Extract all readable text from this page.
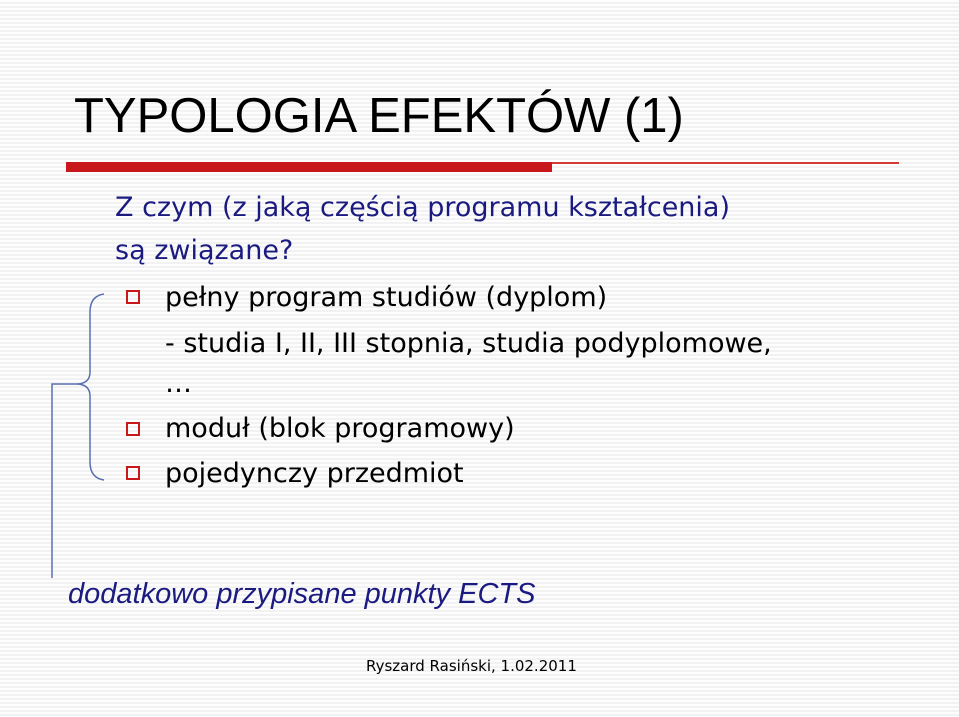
TYPOLOGIA EFEKTÓW (1)
Z czym (z jaką częścią programu kształcenia)
są związane?
pełny program studiów (dyplom)
- studia I, II, III stopnia, studia podyplomowe,
…
moduł (blok programowy)
pojedynczy przedmiot
dodatkowo przypisane punkty ECTS
Ryszard Rasiński, 1.02.2011
